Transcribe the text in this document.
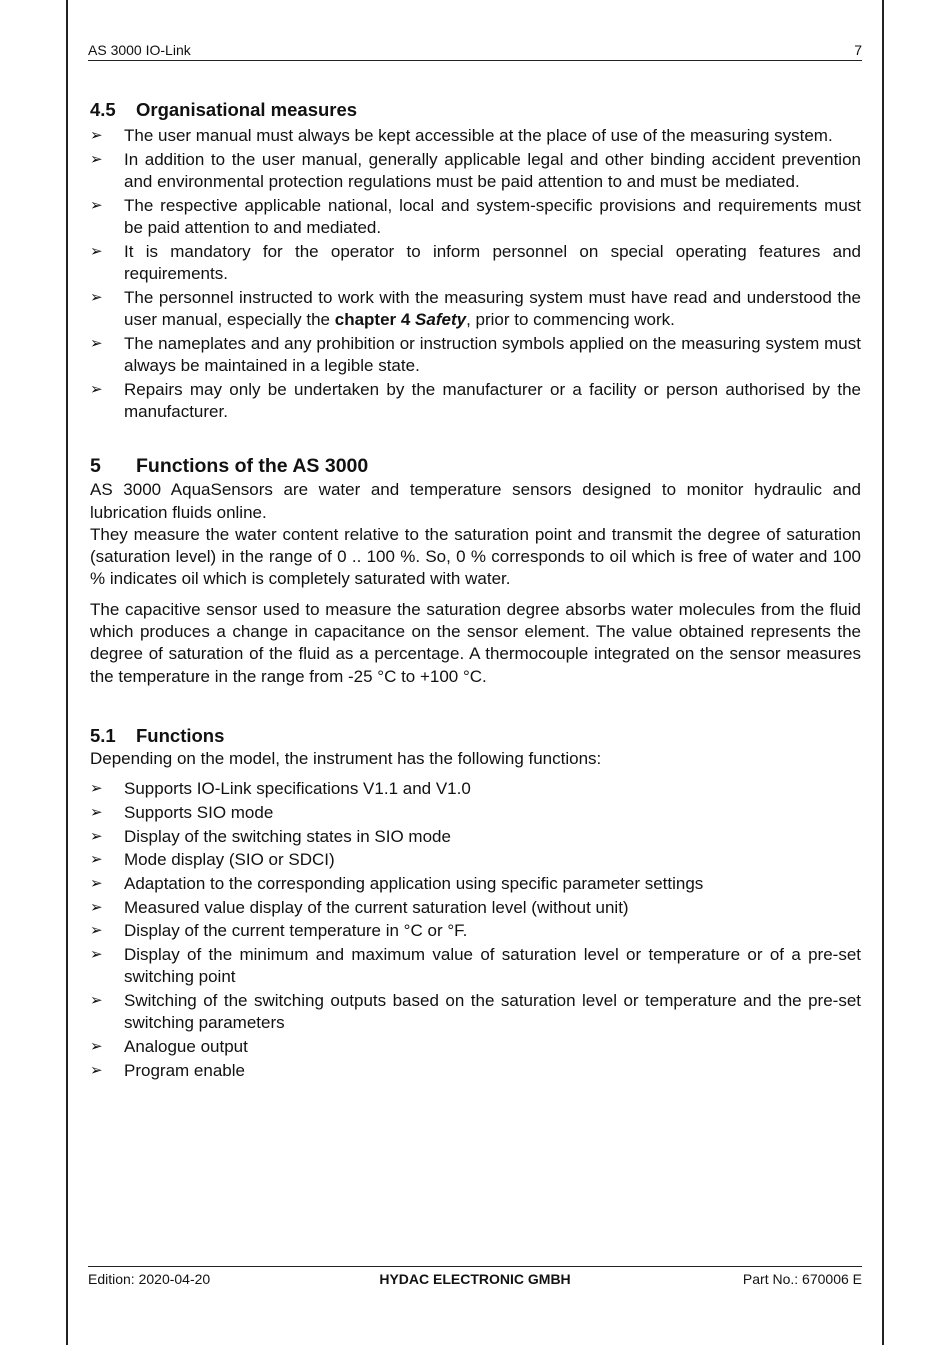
AS 3000 IO-Link	7
4.5 Organisational measures
➢ The user manual must always be kept accessible at the place of use of the measuring system.
➢ In addition to the user manual, generally applicable legal and other binding accident prevention and environmental protection regulations must be paid attention to and must be mediated.
➢ The respective applicable national, local and system-specific provisions and requirements must be paid attention to and mediated.
➢ It is mandatory for the operator to inform personnel on special operating features and requirements.
➢ The personnel instructed to work with the measuring system must have read and understood the user manual, especially the chapter 4 Safety, prior to commencing work.
➢ The nameplates and any prohibition or instruction symbols applied on the measuring system must always be maintained in a legible state.
➢ Repairs may only be undertaken by the manufacturer or a facility or person authorised by the manufacturer.
5 Functions of the AS 3000

AS 3000 AquaSensors are water and temperature sensors designed to monitor hydraulic and lubrication fluids online.

They measure the water content relative to the saturation point and transmit the degree of saturation (saturation level) in the range of 0 .. 100 %. So, 0 % corresponds to oil which is free of water and 100 % indicates oil which is completely saturated with water.

The capacitive sensor used to measure the saturation degree absorbs water molecules from the fluid which produces a change in capacitance on the sensor element. The value obtained represents the degree of saturation of the fluid as a percentage. A thermocouple integrated on the sensor measures the temperature in the range from -25 °C to +100 °C.

5.1 Functions

Depending on the model, the instrument has the following functions:

➢ Supports IO-Link specifications V1.1 and V1.0
➢ Supports SIO mode
➢ Display of the switching states in SIO mode
➢ Mode display (SIO or SDCI)
➢ Adaptation to the corresponding application using specific parameter settings
➢ Measured value display of the current saturation level (without unit)
➢ Display of the current temperature in °C or °F.
➢ Display of the minimum and maximum value of saturation level or temperature or of a pre-set switching point
➢ Switching of the switching outputs based on the saturation level or temperature and the pre-set switching parameters
➢ Analogue output
➢ Program enable
Edition: 2020-04-20	HYDAC ELECTRONIC GMBH	Part No.: 670006 E
